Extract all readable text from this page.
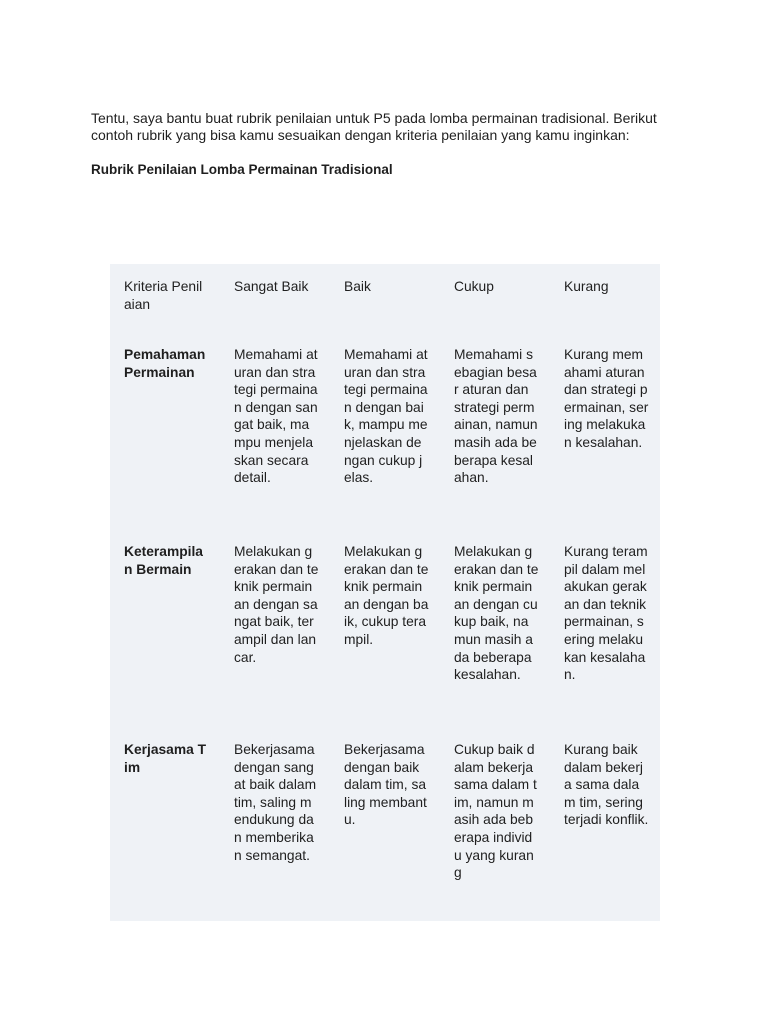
Tentu, saya bantu buat rubrik penilaian untuk P5 pada lomba permainan tradisional. Berikut contoh rubrik yang bisa kamu sesuaikan dengan kriteria penilaian yang kamu inginkan:

Rubrik Penilaian Lomba Permainan Tradisional

Kriteria Penilaian	Sangat Baik	Baik	Cukup	Kurang
Pemahaman Permainan	Memahami aturan dan strategi permainan dengan sangat baik, mampu menjelaskan secara detail.	Memahami aturan dan strategi permainan dengan baik, mampu menjelaskan dengan cukup jelas.	Memahami sebagian besar aturan dan strategi permainan, namun masih ada beberapa kesalahan.	Kurang memahami aturan dan strategi permainan, sering melakukan kesalahan.
Keterampilan Bermain	Melakukan gerakan dan teknik permainan dengan sangat baik, terampil dan lancar.	Melakukan gerakan dan teknik permainan dengan baik, cukup terampil.	Melakukan gerakan dan teknik permainan dengan cukup baik, namun masih ada beberapa kesalahan.	Kurang terampil dalam melakukan gerakan dan teknik permainan, sering melakukan kesalahan.
Kerjasama Tim	Bekerjasama dengan sangat baik dalam tim, saling mendukung dan memberikan semangat.	Bekerjasama dengan baik dalam tim, saling membantu.	Cukup baik dalam bekerja sama dalam tim, namun masih ada beberapa individu yang kurang	Kurang baik dalam bekerja sama dalam tim, sering terjadi konflik.
